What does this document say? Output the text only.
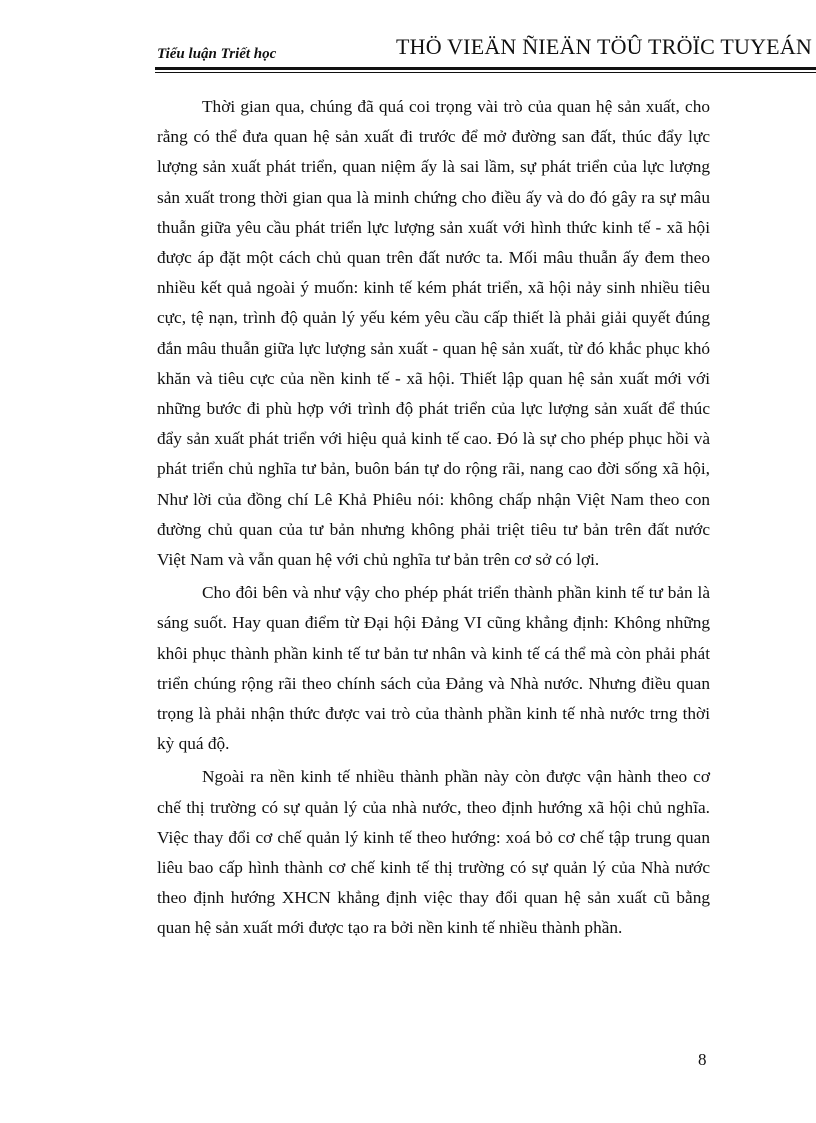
Tiểu luận Triết học	THÖ VIEÄN ÑIEÄN TÖÛ TRÖÏC TUYEÁN

Thời gian qua, chúng đã quá coi trọng vài trò của quan hệ sản xuất, cho rằng có thể đưa quan hệ sản xuất đi trước để mở đường san đất, thúc đẩy lực lượng sản xuất phát triển, quan niệm ấy là sai lầm, sự phát triển của lực lượng sản xuất trong thời gian qua là minh chứng cho điều ấy và do đó gây ra sự mâu thuẫn giữa yêu cầu phát triển lực lượng sản xuất với hình thức kinh tế - xã hội được áp đặt một cách chủ quan trên đất nước ta. Mối mâu thuẫn ấy đem theo nhiều kết quả ngoài ý muốn: kinh tế kém phát triển, xã hội nảy sinh nhiều tiêu cực, tệ nạn, trình độ quản lý yếu kém yêu cầu cấp thiết là phải giải quyết đúng đắn mâu thuẫn giữa lực lượng sản xuất - quan hệ sản xuất, từ đó khắc phục khó khăn và tiêu cực của nền kinh tế - xã hội. Thiết lập quan hệ sản xuất mới với những bước đi phù hợp với trình độ phát triển của lực lượng sản xuất để thúc đẩy sản xuất phát triển với hiệu quả kinh tế cao. Đó là sự cho phép phục hồi và phát triển chủ nghĩa tư bản, buôn bán tự do rộng rãi, nang cao đời sống xã hội, Như lời của đồng chí Lê Khả Phiêu nói: không chấp nhận Việt Nam theo con đường chủ quan của tư bản nhưng không phải triệt tiêu tư bản trên đất nước Việt Nam và vẫn quan hệ với chủ nghĩa tư bản trên cơ sở có lợi.

Cho đôi bên và như vậy cho phép phát triển thành phần kinh tế tư bản là sáng suốt. Hay quan điểm từ Đại hội Đảng VI cũng khẳng định: Không những khôi phục thành phần kinh tế tư bản tư nhân và kinh tế cá thể mà còn phải phát triển chúng rộng rãi theo chính sách của Đảng và Nhà nước. Nhưng điều quan trọng là phải nhận thức được vai trò của thành phần kinh tế nhà nước trng thời kỳ quá độ.

Ngoài ra nền kinh tế nhiều thành phần này còn được vận hành theo cơ chế thị trường có sự quản lý của nhà nước, theo định hướng xã hội chủ nghĩa. Việc thay đổi cơ chế quản lý kinh tế theo hướng: xoá bỏ cơ chế tập trung quan liêu bao cấp hình thành cơ chế kinh tế thị trường có sự quản lý của Nhà nước theo định hướng XHCN khẳng định việc thay đổi quan hệ sản xuất cũ bằng quan hệ sản xuất mới được tạo ra bởi nền kinh tế nhiều thành phần.

8
